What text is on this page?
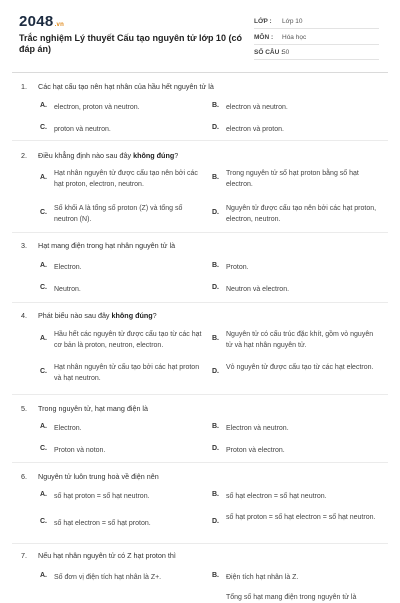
2048.vn
Trắc nghiệm Lý thuyết Cấu tạo nguyên tử lớp 10 (có đáp án)
LỚP : Lớp 10
MÔN : Hóa học
SỐ CÂU :
50
1. Các hạt cấu tạo nên hạt nhân của hầu hết nguyên tử là
A. electron, proton và neutron.	B. electron và neutron.
C. proton và neutron.	D. electron và proton.
2. Điều khẳng định nào sau đây không đúng?
A.
Hạt nhân nguyên tử được cấu tạo nên bởi các hạt proton, electron, neutron.
B.
Trong nguyên tử số hạt proton bằng số hạt electron.
C.
Số khối A là tổng số proton (Z) và tổng số neutron (N).
D.
Nguyên tử được cấu tạo nên bởi các hạt proton, electron, neutron.
3. Hạt mang điện trong hạt nhân nguyên tử là
A. Electron.	B. Proton.
C. Neutron.	D. Neutron và electron.
4. Phát biểu nào sau đây không đúng?
A.
Hầu hết các nguyên tử được cấu tạo từ các hạt cơ bản là proton, neutron, electron.
B.
Nguyên tử có cấu trúc đặc khít, gồm vỏ nguyên tử và hạt nhân nguyên tử.
C.
Hạt nhân nguyên tử cấu tạo bởi các hạt proton và hạt neutron.
D.
Vỏ nguyên tử được cấu tạo từ các hạt electron.
5. Trong nguyên tử, hạt mang điện là
A. Electron.	B. Electron và neutron.
C. Proton và noton.	D. Proton và electron.
6. Nguyên tử luôn trung hoà về điện nên
A. số hạt proton = số hạt neutron.	B. số hạt electron = số hạt neutron.
C. số hạt electron = số hạt proton.	D.
số hạt proton = số hạt electron = số hạt neutron.
7. Nếu hạt nhân nguyên tử có Z hạt proton thì
A. Số đơn vị điện tích hạt nhân là Z+.	B. Điện tích hạt nhân là Z.
Tổng số hạt mang điện trong nguyên tử là
